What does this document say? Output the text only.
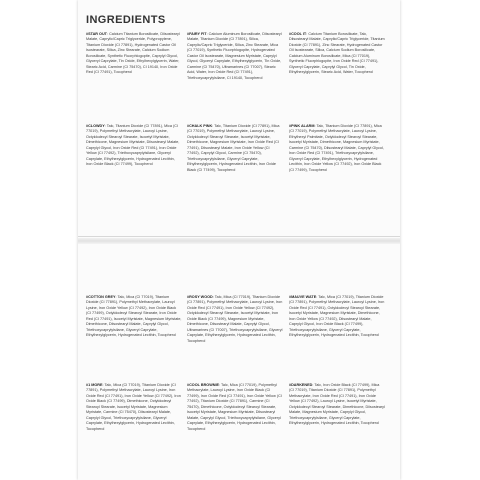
INGREDIENTS
#STAR OUT: Calcium Titanium Borosilicate, Diisostearyl Malate, Caprylic/Capric Triglyceride, Polypropylene, Titanium Dioxide (CI 77891), Hydrogenated Castor Oil Isostearate, Silica, Zinc Stearate, Calcium Sodium Borosilicate, Synthetic Fluorphlogopite, Caprylyl Glycol, Glyceryl Caprylate, Tin Oxide, Ethylhexylglycerin, Water, Stearic Acid, Carmine (CI 75470), CI 19140, Iron Oxide Red (CI 77491), Tocopherol
#FAIRY FIT: Calcium Aluminum Borosilicate, Diisostearyl Malate, Titanium Dioxide (CI 77891), Silica, Caprylic/Capric Triglyceride, Silica, Zinc Stearate, Mica (CI 77019), Synthetic Fluorphlogopite, Hydrogenated Castor Oil Isostearate, Magnesium Myristate, Caprylyl Glycol, Glyceryl Caprylate, Ethylhexylglycerin, Tin Oxide, Carmine (CI 75470), Ultramarines (CI 77007), Stearic Acid, Water, Iron Oxide Red (CI 77491), Triethoxycaprylylsilane, CI 19140, Tocopherol
#COOL IT: Calcium Titanium Borosilicate, Talc, Diisostearyl Malate, Caprylic/Capric Triglyceride, Titanium Dioxide (CI 77891), Zinc Stearate, Hydrogenated Castor Oil Isostearate, Silica, Calcium Sodium Borosilicate, Calcium Aluminum Borosilicate, Mica (CI 77019), Synthetic Fluorphlogopite, Iron Oxide Red (CI 77491), Glyceryl Caprylate, Caprylyl Glycol, Tin Oxide, Ethylhexylglycerin, Stearic Acid, Water, Tocopherol
#CLOWDY: Talc, Titanium Dioxide (CI 77891), Mica (CI 77019), Polymethyl Methacrylate, Lauroyl Lysine, Octyldodecyl Stearoyl Stearate, Isocetyl Myristate, Dimethicone, Magnesium Myristate, Diisostearyl Malate, Caprylyl Glycol, Iron Oxide Red (CI 77491), Iron Oxide Yellow (CI 77492), Triethoxycaprylylsilane, Glyceryl Caprylate, Ethylhexylglycerin, Hydrogenated Lecithin, Iron Oxide Black (CI 77499), Tocopherol
#CHALK PINK: Talc, Titanium Dioxide (CI 77891), Mica (CI 77019), Polymethyl Methacrylate, Lauroyl Lysine, Octyldodecyl Stearoyl Stearate, Isocetyl Myristate, Dimethicone, Magnesium Myristate, Iron Oxide Red (CI 77491), Diisostearyl Malate, Iron Oxide Yellow (CI 77492), Caprylyl Glycol, Carmine (CI 75470), Triethoxycaprylylsilane, Glyceryl Caprylate, Ethylhexylglycerin, Hydrogenated Lecithin, Iron Oxide Black (CI 77499), Tocopherol
#PINK ALARM: Talc, Titanium Dioxide (CI 77891), Mica (CI 77019), Polymethyl Methacrylate, Lauroyl Lysine, Ethylhexyl Palmitate, Octyldodecyl Stearoyl Stearate, Isocetyl Myristate, Dimethicone, Magnesium Myristate, Carmine (CI 75470), Diisostearyl Malate, Caprylyl Glycol, Iron Oxide Red (CI 77491), Triethoxycaprylylsilane, Glyceryl Caprylate, Ethylhexylglycerin, Hydrogenated Lecithin, Iron Oxide Yellow (CI 77492), Iron Oxide Black (CI 77499), Tocopherol
#COTTON GREY: Talc, Mica (CI 77019), Titanium Dioxide (CI 77891), Polymethyl Methacrylate, Lauroyl Lysine, Iron Oxide Yellow (CI 77492), Iron Oxide Black (CI 77499), Octyldodecyl Stearoyl Stearate, Iron Oxide Red (CI 77491), Isocetyl Myristate, Magnesium Myristate, Dimethicone, Diisostearyl Malate, Caprylyl Glycol, Triethoxycaprylylsilane, Glyceryl Caprylate, Ethylhexylglycerin, Hydrogenated Lecithin, Tocopherol
#ROSY WOOD: Talc, Mica (CI 77019), Titanium Dioxide (CI 77891), Polymethyl Methacrylate, Lauroyl Lysine, Iron Oxide Red (CI 77491), Iron Oxide Yellow (CI 77492), Octyldodecyl Stearoyl Stearate, Isocetyl Myristate, Iron Oxide Black (CI 77499), Magnesium Myristate, Dimethicone, Diisostearyl Malate, Caprylyl Glycol, Ultramarines (CI 77007), Triethoxycaprylylsilane, Glyceryl Caprylate, Ethylhexylglycerin, Hydrogenated Lecithin, Tocopherol
#MAUVE WATE: Talc, Mica (CI 77019), Titanium Dioxide (CI 77891), Polymethyl Methacrylate, Lauroyl Lysine, Iron Oxide Red (CI 77491), Octyldodecyl Stearoyl Stearate, Isocetyl Myristate, Magnesium Myristate, Dimethicone, Iron Oxide Yellow (CI 77492), Diisostearyl Malate, Caprylyl Glycol, Iron Oxide Black (CI 77499), Triethoxycaprylylsilane, Glyceryl Caprylate, Ethylhexylglycerin, Hydrogenated Lecithin, Tocopherol
#1 MORE: Talc, Mica (CI 77019), Titanium Dioxide (CI 77891), Polymethyl Methacrylate, Lauroyl Lysine, Iron Oxide Red (CI 77491), Iron Oxide Yellow (CI 77492), Iron Oxide Black (CI 77499), Dimethicone, Octyldodecyl Stearoyl Stearate, Isocetyl Myristate, Magnesium Myristate, Carmine (CI 75470), Diisostearyl Malate, Caprylyl Glycol, Triethoxycaprylylsilane, Glyceryl Caprylate, Ethylhexylglycerin, Hydrogenated Lecithin, Tocopherol
#COOL BROWNIE: Talc, Mica (CI 77019), Polymethyl Methacrylate, Lauroyl Lysine, Iron Oxide Black (CI 77499), Iron Oxide Red (CI 77491), Iron Oxide Yellow (CI 77492), Titanium Dioxide (CI 77891), Carmine (CI 75470), Dimethicone, Octyldodecyl Stearoyl Stearate, Isocetyl Myristate, Magnesium Myristate, Diisostearyl Malate, Caprylyl Glycol, Triethoxycaprylylsilane, Glyceryl Caprylate, Ethylhexylglycerin, Hydrogenated Lecithin, Tocopherol
#DARKENED: Talc, Iron Oxide Black (CI 77499), Mica (CI 77019), Titanium Dioxide (CI 77891), Polymethyl Methacrylate, Iron Oxide Red (CI 77491), Iron Oxide Yellow (CI 77492), Lauroyl Lysine, Isocetyl Myristate, Octyldodecyl Stearoyl Stearate, Dimethicone, Diisostearyl Malate, Magnesium Myristate, Caprylyl Glycol, Triethoxycaprylylsilane, Glyceryl Caprylate, Ethylhexylglycerin, Hydrogenated Lecithin, Tocopherol
